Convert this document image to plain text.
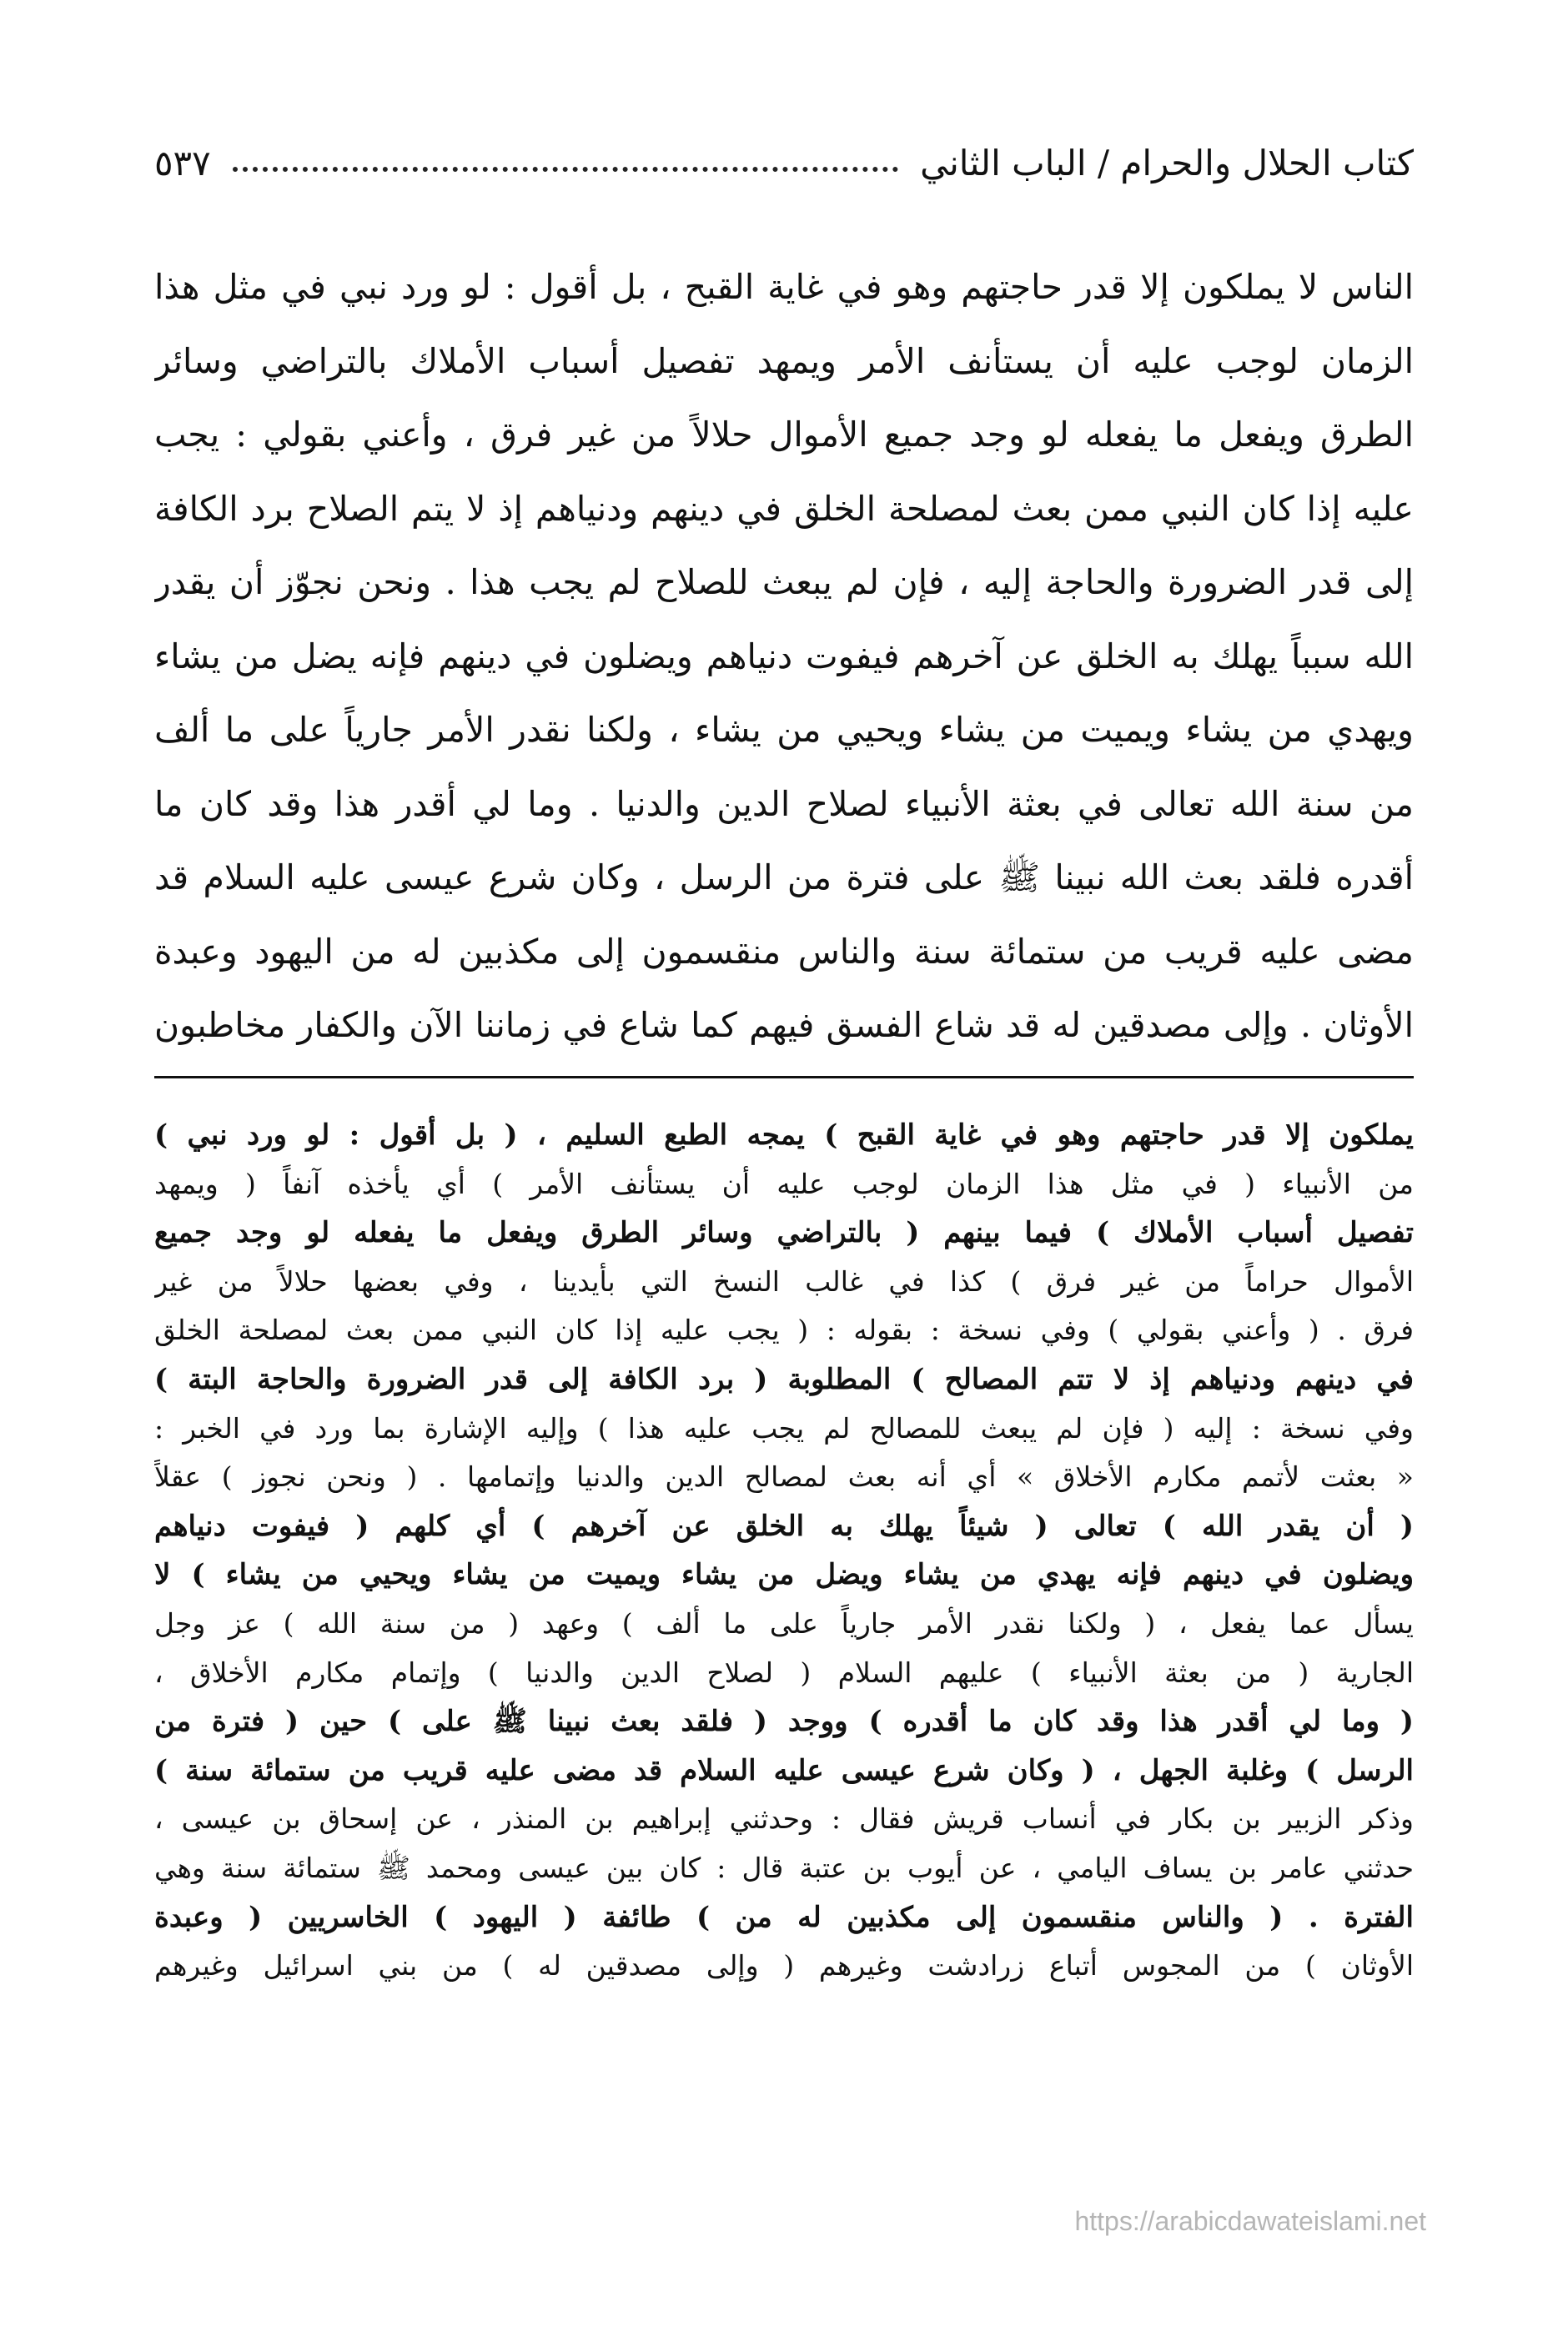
كتاب الحلال والحرام / الباب الثاني
٥٣٧
الناس لا يملكون إلا قدر حاجتهم وهو في غاية القبح ، بل أقول : لو ورد نبي في مثل هذا
الزمان لوجب عليه أن يستأنف الأمر ويمهد تفصيل أسباب الأملاك بالتراضي وسائر
الطرق ويفعل ما يفعله لو وجد جميع الأموال حلالاً من غير فرق ، وأعني بقولي : يجب
عليه إذا كان النبي ممن بعث لمصلحة الخلق في دينهم ودنياهم إذ لا يتم الصلاح برد الكافة
إلى قدر الضرورة والحاجة إليه ، فإن لم يبعث للصلاح لم يجب هذا . ونحن نجوّز أن يقدر
الله سبباً يهلك به الخلق عن آخرهم فيفوت دنياهم ويضلون في دينهم فإنه يضل من يشاء
ويهدي من يشاء ويميت من يشاء ويحيي من يشاء ، ولكنا نقدر الأمر جارياً على ما ألف
من سنة الله تعالى في بعثة الأنبياء لصلاح الدين والدنيا . وما لي أقدر هذا وقد كان ما
أقدره فلقد بعث الله نبينا ﷺ على فترة من الرسل ، وكان شرع عيسى عليه السلام قد
مضى عليه قريب من ستمائة سنة والناس منقسمون إلى مكذبين له من اليهود وعبدة
الأوثان . وإلى مصدقين له قد شاع الفسق فيهم كما شاع في زماننا الآن والكفار مخاطبون
يملكون إلا قدر حاجتهم وهو في غاية القبح ) يمجه الطبع السليم ، ( بل أقول : لو ورد نبي )
من الأنبياء ( في مثل هذا الزمان لوجب عليه أن يستأنف الأمر ) أي يأخذه آنفاً ( ويمهد
تفصيل أسباب الأملاك ) فيما بينهم ( بالتراضي وسائر الطرق ويفعل ما يفعله لو وجد جميع
الأموال حراماً من غير فرق ) كذا في غالب النسخ التي بأيدينا ، وفي بعضها حلالاً من غير
فرق . ( وأعني بقولي ) وفي نسخة : بقوله : ( يجب عليه إذا كان النبي ممن بعث لمصلحة الخلق
في دينهم ودنياهم إذ لا تتم المصالح ) المطلوبة ( برد الكافة إلى قدر الضرورة والحاجة البتة )
وفي نسخة : إليه ( فإن لم يبعث للمصالح لم يجب عليه هذا ) وإليه الإشارة بما ورد في الخبر :
« بعثت لأتمم مكارم الأخلاق » أي أنه بعث لمصالح الدين والدنيا وإتمامها . ( ونحن نجوز ) عقلاً
( أن يقدر الله ) تعالى ( شيئاً يهلك به الخلق عن آخرهم ) أي كلهم ( فيفوت دنياهم
ويضلون في دينهم فإنه يهدي من يشاء ويضل من يشاء ويميت من يشاء ويحيي من يشاء ) لا
يسأل عما يفعل ، ( ولكنا نقدر الأمر جارياً على ما ألف ) وعهد ( من سنة الله ) عز وجل
الجارية ( من بعثة الأنبياء ) عليهم السلام ( لصلاح الدين والدنيا ) وإتمام مكارم الأخلاق ،
( وما لي أقدر هذا وقد كان ما أقدره ) ووجد ( فلقد بعث نبينا ﷺ على ) حين ( فترة من
الرسل ) وغلبة الجهل ، ( وكان شرع عيسى عليه السلام قد مضى عليه قريب من ستمائة سنة )
وذكر الزبير بن بكار في أنساب قريش فقال : وحدثني إبراهيم بن المنذر ، عن إسحاق بن عيسى ،
حدثني عامر بن يساف اليامي ، عن أيوب بن عتبة قال : كان بين عيسى ومحمد ﷺ ستمائة سنة وهي
الفترة . ( والناس منقسمون إلى مكذبين له من ) طائفة ( اليهود ) الخاسريين ( وعبدة
الأوثان ) من المجوس أتباع زرادشت وغيرهم ( وإلى مصدقين له ) من بني اسرائيل وغيرهم
https://arabicdawateislami.net
